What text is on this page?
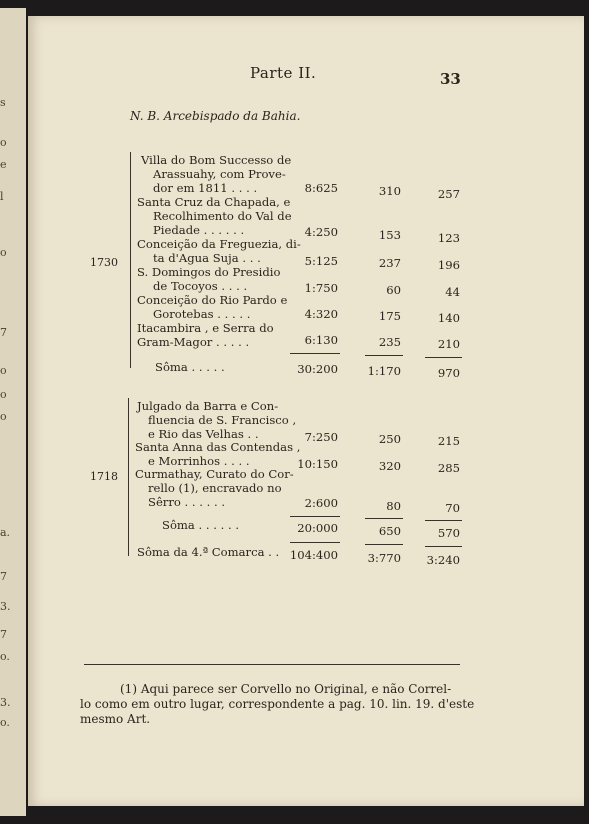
s
o
e
l
o
7
o
o
o
a.
7
3.
7
o.
3.
o.
Parte II.	33
N. B. Arcebispado da Bahia.
1730
Villa do Bom Successo de
Arassuahy, com Prove-
dor em 1811 . . . .	8:625	310	257
Santa Cruz da Chapada, e
Recolhimento do Val de
Piedade . . . . . .	4:250	153	123
Conceição da Freguezia, di-
ta d'Agua Suja . . .	5:125	237	196
S. Domingos do Presidio
de Tocoyos . . . .	1:750	60	44
Conceição do Rio Pardo e
Gorotebas . . . . .	4:320	175	140
Itacambira , e Serra do
Gram-Magor . . . . .	6:130	235	210
Sôma . . . . .	30:200	1:170	970
1718
Julgado da Barra e Con-
fluencia de S. Francisco ,
e Rio das Velhas . .	7:250	250	215
Santa Anna das Contendas ,
e Morrinhos . . . .	10:150	320	285
Curmathay, Curato do Cor-
rello (1), encravado no
Sêrro . . . . . .	2:600	80	70
Sôma . . . . . .	20:000	650	570
Sôma da 4.ª Comarca . . 104:400	3:770	3:240
(1) Aqui parece ser Corvello no Original, e não Correl-
lo como em outro lugar, correspondente a pag. 10. lin. 19. d'este
mesmo Art.
